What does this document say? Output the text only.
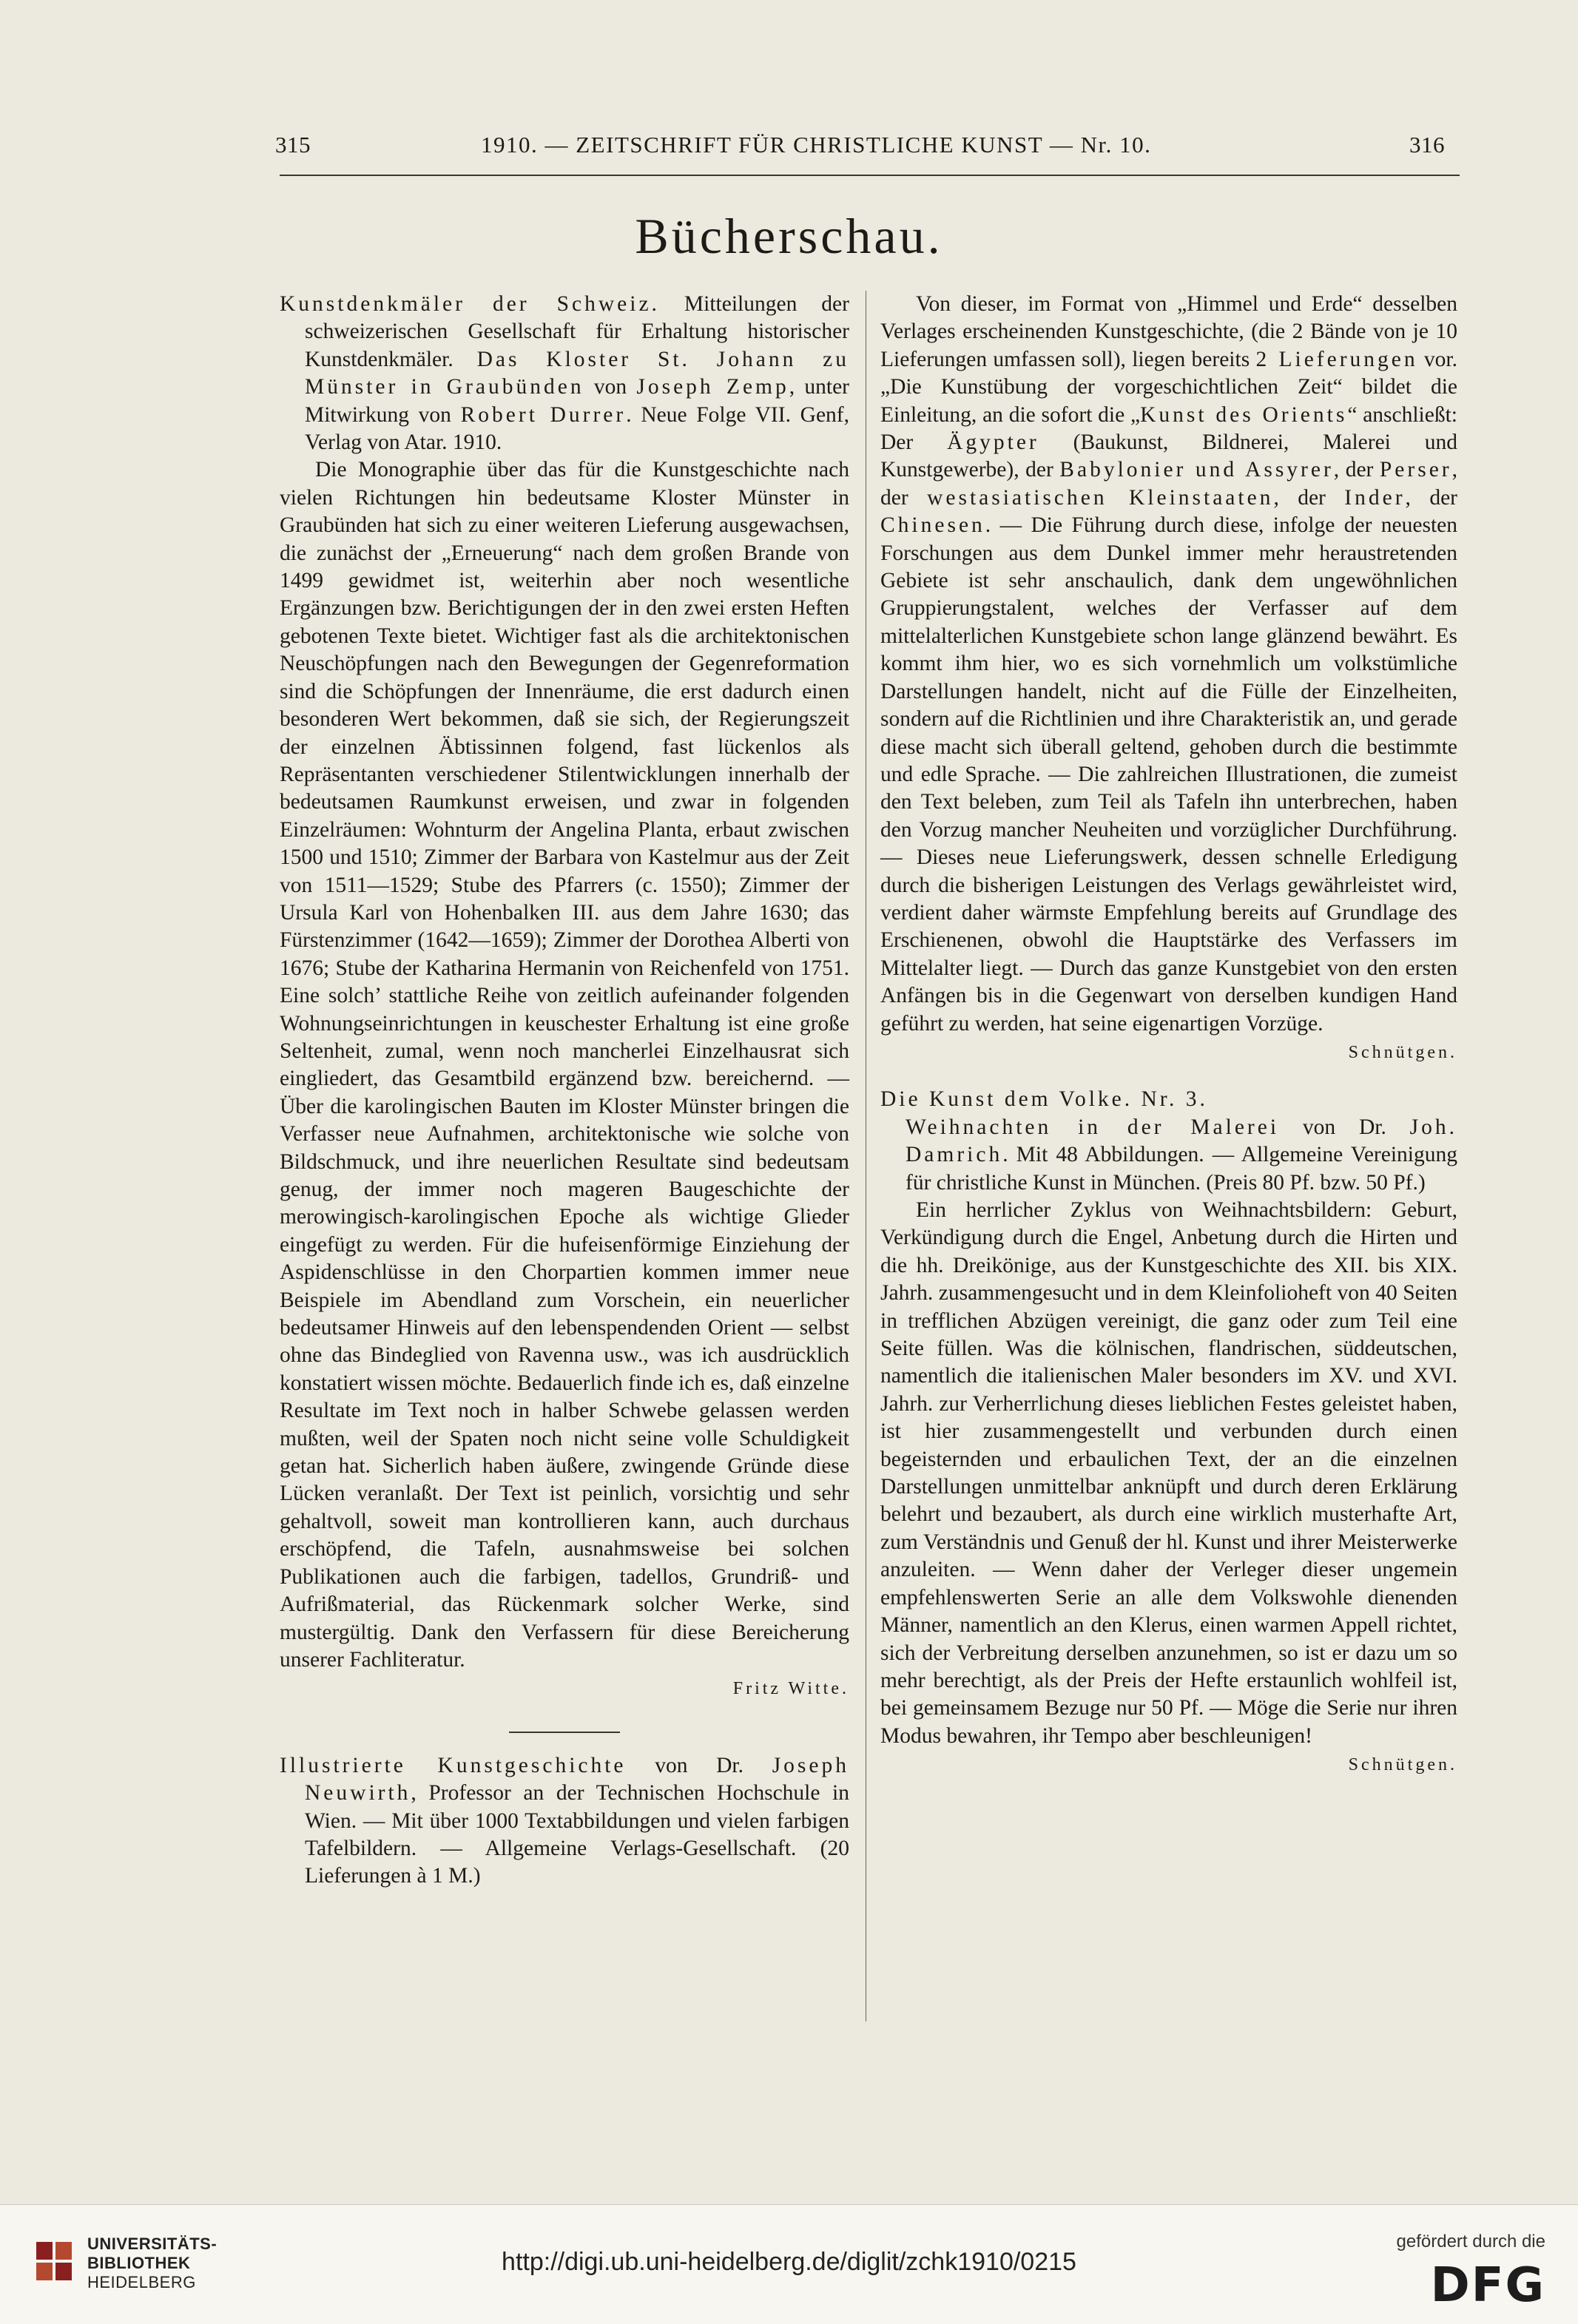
315	1910. — ZEITSCHRIFT FÜR CHRISTLICHE KUNST — Nr. 10.	316
Bücherschau.

Kunstdenkmäler der Schweiz. Mitteilungen der schweizerischen Gesellschaft für Erhaltung historischer Kunstdenkmäler. Das Kloster St. Johann zu Münster in Graubünden von Joseph Zemp, unter Mitwirkung von Robert Durrer. Neue Folge VII. Genf, Verlag von Atar. 1910.

Die Monographie über das für die Kunstgeschichte nach vielen Richtungen hin bedeutsame Kloster Münster in Graubünden hat sich zu einer weiteren Lieferung ausgewachsen, die zunächst der „Erneuerung“ nach dem großen Brande von 1499 gewidmet ist, weiterhin aber noch wesentliche Ergänzungen bzw. Berichtigungen der in den zwei ersten Heften gebotenen Texte bietet. Wichtiger fast als die architektonischen Neuschöpfungen nach den Bewegungen der Gegenreformation sind die Schöpfungen der Innenräume, die erst dadurch einen besonderen Wert bekommen, daß sie sich, der Regierungszeit der einzelnen Äbtissinnen folgend, fast lückenlos als Repräsentanten verschiedener Stilentwicklungen innerhalb der bedeutsamen Raumkunst erweisen, und zwar in folgenden Einzelräumen: Wohnturm der Angelina Planta, erbaut zwischen 1500 und 1510; Zimmer der Barbara von Kastelmur aus der Zeit von 1511—1529; Stube des Pfarrers (c. 1550); Zimmer der Ursula Karl von Hohenbalken III. aus dem Jahre 1630; das Fürstenzimmer (1642—1659); Zimmer der Dorothea Alberti von 1676; Stube der Katharina Hermanin von Reichenfeld von 1751. Eine solch’ stattliche Reihe von zeitlich aufeinander folgenden Wohnungseinrichtungen in keuschester Erhaltung ist eine große Seltenheit, zumal, wenn noch mancherlei Einzelhausrat sich eingliedert, das Gesamtbild ergänzend bzw. bereichernd. — Über die karolingischen Bauten im Kloster Münster bringen die Verfasser neue Aufnahmen, architektonische wie solche von Bildschmuck, und ihre neuerlichen Resultate sind bedeutsam genug, der immer noch mageren Baugeschichte der merowingisch-karolingischen Epoche als wichtige Glieder eingefügt zu werden. Für die hufeisenförmige Einziehung der Aspidenschlüsse in den Chorpartien kommen immer neue Beispiele im Abendland zum Vorschein, ein neuerlicher bedeutsamer Hinweis auf den lebenspendenden Orient — selbst ohne das Bindeglied von Ravenna usw., was ich ausdrücklich konstatiert wissen möchte. Bedauerlich finde ich es, daß einzelne Resultate im Text noch in halber Schwebe gelassen werden mußten, weil der Spaten noch nicht seine volle Schuldigkeit getan hat. Sicherlich haben äußere, zwingende Gründe diese Lücken veranlaßt. Der Text ist peinlich, vorsichtig und sehr gehaltvoll, soweit man kontrollieren kann, auch durchaus erschöpfend, die Tafeln, ausnahmsweise bei solchen Publikationen auch die farbigen, tadellos, Grundriß- und Aufrißmaterial, das Rückenmark solcher Werke, sind mustergültig. Dank den Verfassern für diese Bereicherung unserer Fachliteratur.

Fritz Witte.

Illustrierte Kunstgeschichte von Dr. Joseph Neuwirth, Professor an der Technischen Hochschule in Wien. — Mit über 1000 Textabbildungen und vielen farbigen Tafelbildern. — Allgemeine Verlags-Gesellschaft. (20 Lieferungen à 1 M.)

Von dieser, im Format von „Himmel und Erde“ desselben Verlages erscheinenden Kunstgeschichte, (die 2 Bände von je 10 Lieferungen umfassen soll), liegen bereits 2 Lieferungen vor. „Die Kunstübung der vorgeschichtlichen Zeit“ bildet die Einleitung, an die sofort die „Kunst des Orients“ anschließt: Der Ägypter (Baukunst, Bildnerei, Malerei und Kunstgewerbe), der Babylonier und Assyrer, der Perser, der westasiatischen Kleinstaaten, der Inder, der Chinesen. — Die Führung durch diese, infolge der neuesten Forschungen aus dem Dunkel immer mehr heraustretenden Gebiete ist sehr anschaulich, dank dem ungewöhnlichen Gruppierungstalent, welches der Verfasser auf dem mittelalterlichen Kunstgebiete schon lange glänzend bewährt. Es kommt ihm hier, wo es sich vornehmlich um volkstümliche Darstellungen handelt, nicht auf die Fülle der Einzelheiten, sondern auf die Richtlinien und ihre Charakteristik an, und gerade diese macht sich überall geltend, gehoben durch die bestimmte und edle Sprache. — Die zahlreichen Illustrationen, die zumeist den Text beleben, zum Teil als Tafeln ihn unterbrechen, haben den Vorzug mancher Neuheiten und vorzüglicher Durchführung. — Dieses neue Lieferungswerk, dessen schnelle Erledigung durch die bisherigen Leistungen des Verlags gewährleistet wird, verdient daher wärmste Empfehlung bereits auf Grundlage des Erschienenen, obwohl die Hauptstärke des Verfassers im Mittelalter liegt. — Durch das ganze Kunstgebiet von den ersten Anfängen bis in die Gegenwart von derselben kundigen Hand geführt zu werden, hat seine eigenartigen Vorzüge.

Schnütgen.

Die Kunst dem Volke. Nr. 3.
Weihnachten in der Malerei von Dr. Joh. Damrich. Mit 48 Abbildungen. — Allgemeine Vereinigung für christliche Kunst in München. (Preis 80 Pf. bzw. 50 Pf.)

Ein herrlicher Zyklus von Weihnachtsbildern: Geburt, Verkündigung durch die Engel, Anbetung durch die Hirten und die hh. Dreikönige, aus der Kunstgeschichte des XII. bis XIX. Jahrh. zusammengesucht und in dem Kleinfolioheft von 40 Seiten in trefflichen Abzügen vereinigt, die ganz oder zum Teil eine Seite füllen. Was die kölnischen, flandrischen, süddeutschen, namentlich die italienischen Maler besonders im XV. und XVI. Jahrh. zur Verherrlichung dieses lieblichen Festes geleistet haben, ist hier zusammengestellt und verbunden durch einen begeisternden und erbaulichen Text, der an die einzelnen Darstellungen unmittelbar anknüpft und durch deren Erklärung belehrt und bezaubert, als durch eine wirklich musterhafte Art, zum Verständnis und Genuß der hl. Kunst und ihrer Meisterwerke anzuleiten. — Wenn daher der Verleger dieser ungemein empfehlenswerten Serie an alle dem Volkswohle dienenden Männer, namentlich an den Klerus, einen warmen Appell richtet, sich der Verbreitung derselben anzunehmen, so ist er dazu um so mehr berechtigt, als der Preis der Hefte erstaunlich wohlfeil ist, bei gemeinsamem Bezuge nur 50 Pf. — Möge die Serie nur ihren Modus bewahren, ihr Tempo aber beschleunigen!

Schnütgen.
UNIVERSITÄTS-
BIBLIOTHEK
HEIDELBERG
http://digi.ub.uni-heidelberg.de/diglit/zchk1910/0215
gefördert durch die
DFG
